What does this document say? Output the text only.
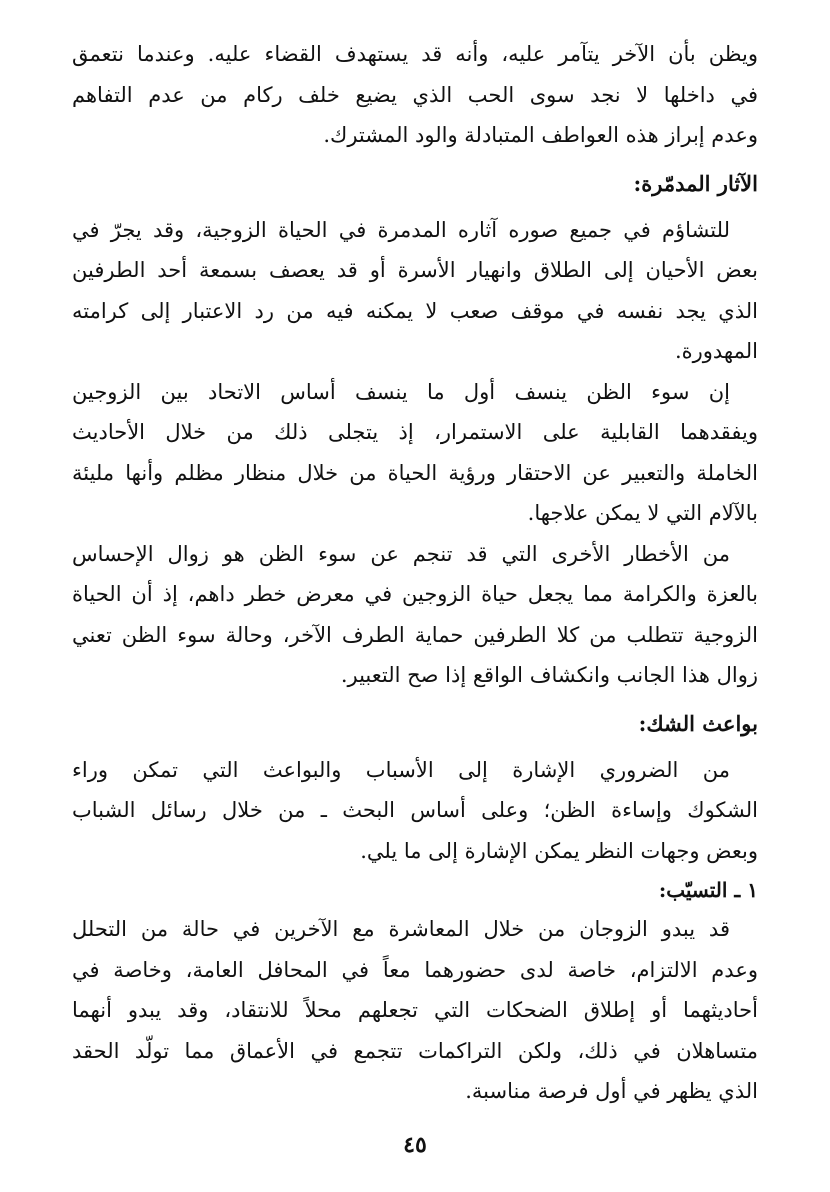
ويظن بأن الآخر يتآمر عليه، وأنه قد يستهدف القضاء عليه. وعندما نتعمق
في داخلها لا نجد سوى الحب الذي يضيع خلف ركام من عدم التفاهم
وعدم إبراز هذه العواطف المتبادلة والود المشترك.

الآثار المدمّرة:

للتشاؤم في جميع صوره آثاره المدمرة في الحياة الزوجية، وقد يجرّ في
بعض الأحيان إلى الطلاق وانهيار الأسرة أو قد يعصف بسمعة أحد الطرفين
الذي يجد نفسه في موقف صعب لا يمكنه فيه من رد الاعتبار إلى كرامته
المهدورة.

إن سوء الظن ينسف أول ما ينسف أساس الاتحاد بين الزوجين
ويفقدهما القابلية على الاستمرار، إذ يتجلى ذلك من خلال الأحاديث
الخاملة والتعبير عن الاحتقار ورؤية الحياة من خلال منظار مظلم وأنها مليئة
بالآلام التي لا يمكن علاجها.

من الأخطار الأخرى التي قد تنجم عن سوء الظن هو زوال الإحساس
بالعزة والكرامة مما يجعل حياة الزوجين في معرض خطر داهم، إذ أن الحياة
الزوجية تتطلب من كلا الطرفين حماية الطرف الآخر، وحالة سوء الظن تعني
زوال هذا الجانب وانكشاف الواقع إذا صح التعبير.

بواعث الشك:

من الضروري الإشارة إلى الأسباب والبواعث التي تمكن وراء
الشكوك وإساءة الظن؛ وعلى أساس البحث ـ من خلال رسائل الشباب
وبعض وجهات النظر يمكن الإشارة إلى ما يلي.

١ ـ التسيّب:

قد يبدو الزوجان من خلال المعاشرة مع الآخرين في حالة من التحلل
وعدم الالتزام، خاصة لدى حضورهما معاً في المحافل العامة، وخاصة في
أحاديثهما أو إطلاق الضحكات التي تجعلهم محلاً للانتقاد، وقد يبدو أنهما
متساهلان في ذلك، ولكن التراكمات تتجمع في الأعماق مما تولّد الحقد
الذي يظهر في أول فرصة مناسبة.

٤٥
